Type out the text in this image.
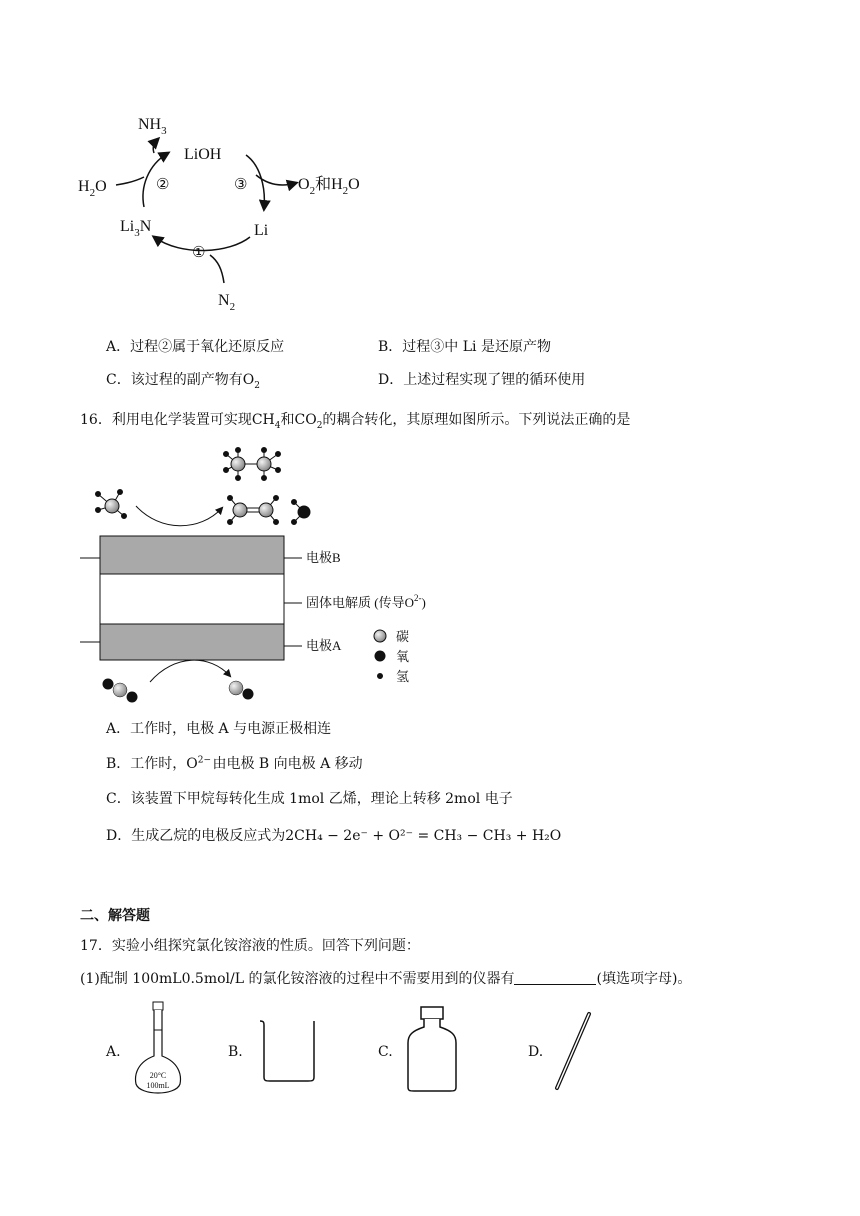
$NH_3$
LiOH
$H_2O$	②	③	$O_2$和$H_2O$
$Li_3N$	Li
①
$N_2$
A．过程②属于氧化还原反应	B．过程③中 Li 是还原产物
C．该过程的副产物有$O_2$	D．上述过程实现了锂的循环使用
16．利用电化学装置可实现$CH_4$和$CO_2$的耦合转化，其原理如图所示。下列说法正确的是
电极B
固体电解质 (传导$O^{2-}$)
电极A
碳
氧
氢
A．工作时，电极 A 与电源正极相连
B．工作时，$O^{2-}$ 由电极 B 向电极 A 移动
C．该装置下甲烷每转化生成 1mol 乙烯，理论上转移 2mol 电子
D．生成乙烷的电极反应式为2CH₄ − 2e⁻ + O²⁻ = CH₃ − CH₃ + H₂O
二、解答题
17．实验小组探究氯化铵溶液的性质。回答下列问题：
(1)配制 100mL0.5mol/L 的氯化铵溶液的过程中不需要用到的仪器有	(填选项字母)。
A.
20°C
100mL
B.	C.	D.
